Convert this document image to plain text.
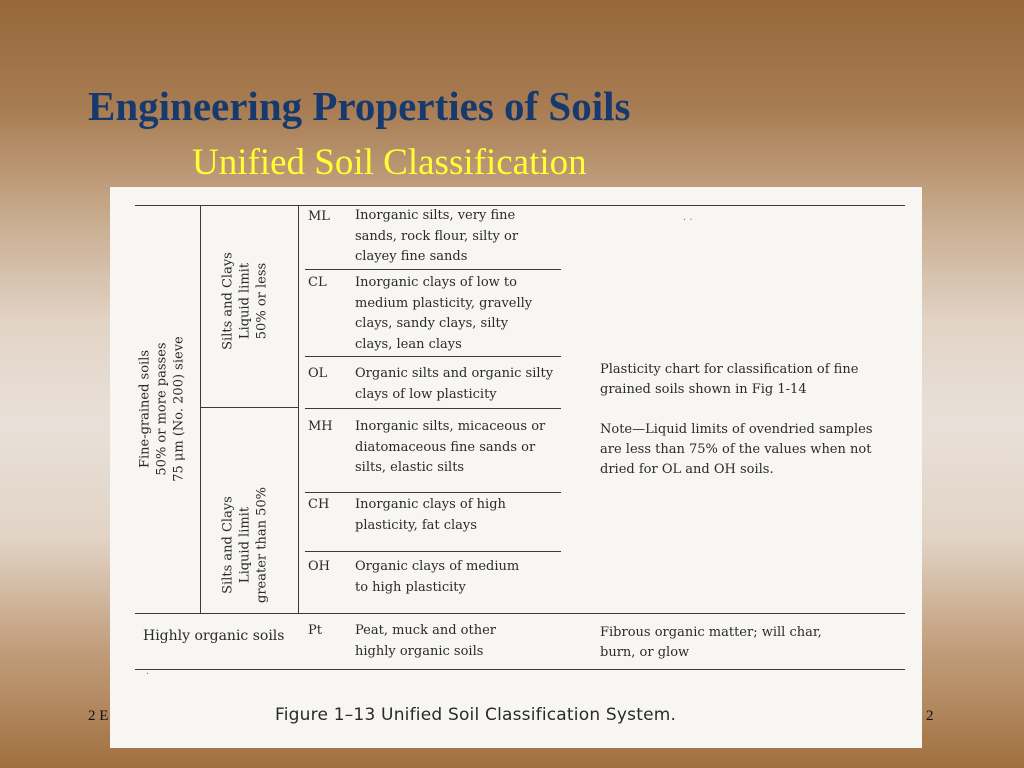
Engineering Properties of Soils
Unified Soil Classification
2 E	2
Fine-grained soils 50% or more passes 75 μm (No. 200) sieve
Silts and Clays Liquid limit 50% or less
Silts and Clays Liquid limit greater than 50%
ML Inorganic silts, very fine
sands, rock flour, silty or
clayey fine sands
CL Inorganic clays of low to
medium plasticity, gravelly
clays, sandy clays, silty
clays, lean clays
OL Organic silts and organic silty
clays of low plasticity
MH Inorganic silts, micaceous or
diatomaceous fine sands or
silts, elastic silts
CH Inorganic clays of high
plasticity, fat clays
OH Organic clays of medium
to high plasticity
Plasticity chart for classification of fine
grained soils shown in Fig 1-14
Note—Liquid limits of ovendried samples
are less than 75% of the values when not
dried for OL and OH soils.
Highly organic soils Pt	Peat, muck and other
highly organic soils
Fibrous organic matter; will char,
burn, or glow
· ·
·
Figure 1–13 Unified Soil Classification System.
